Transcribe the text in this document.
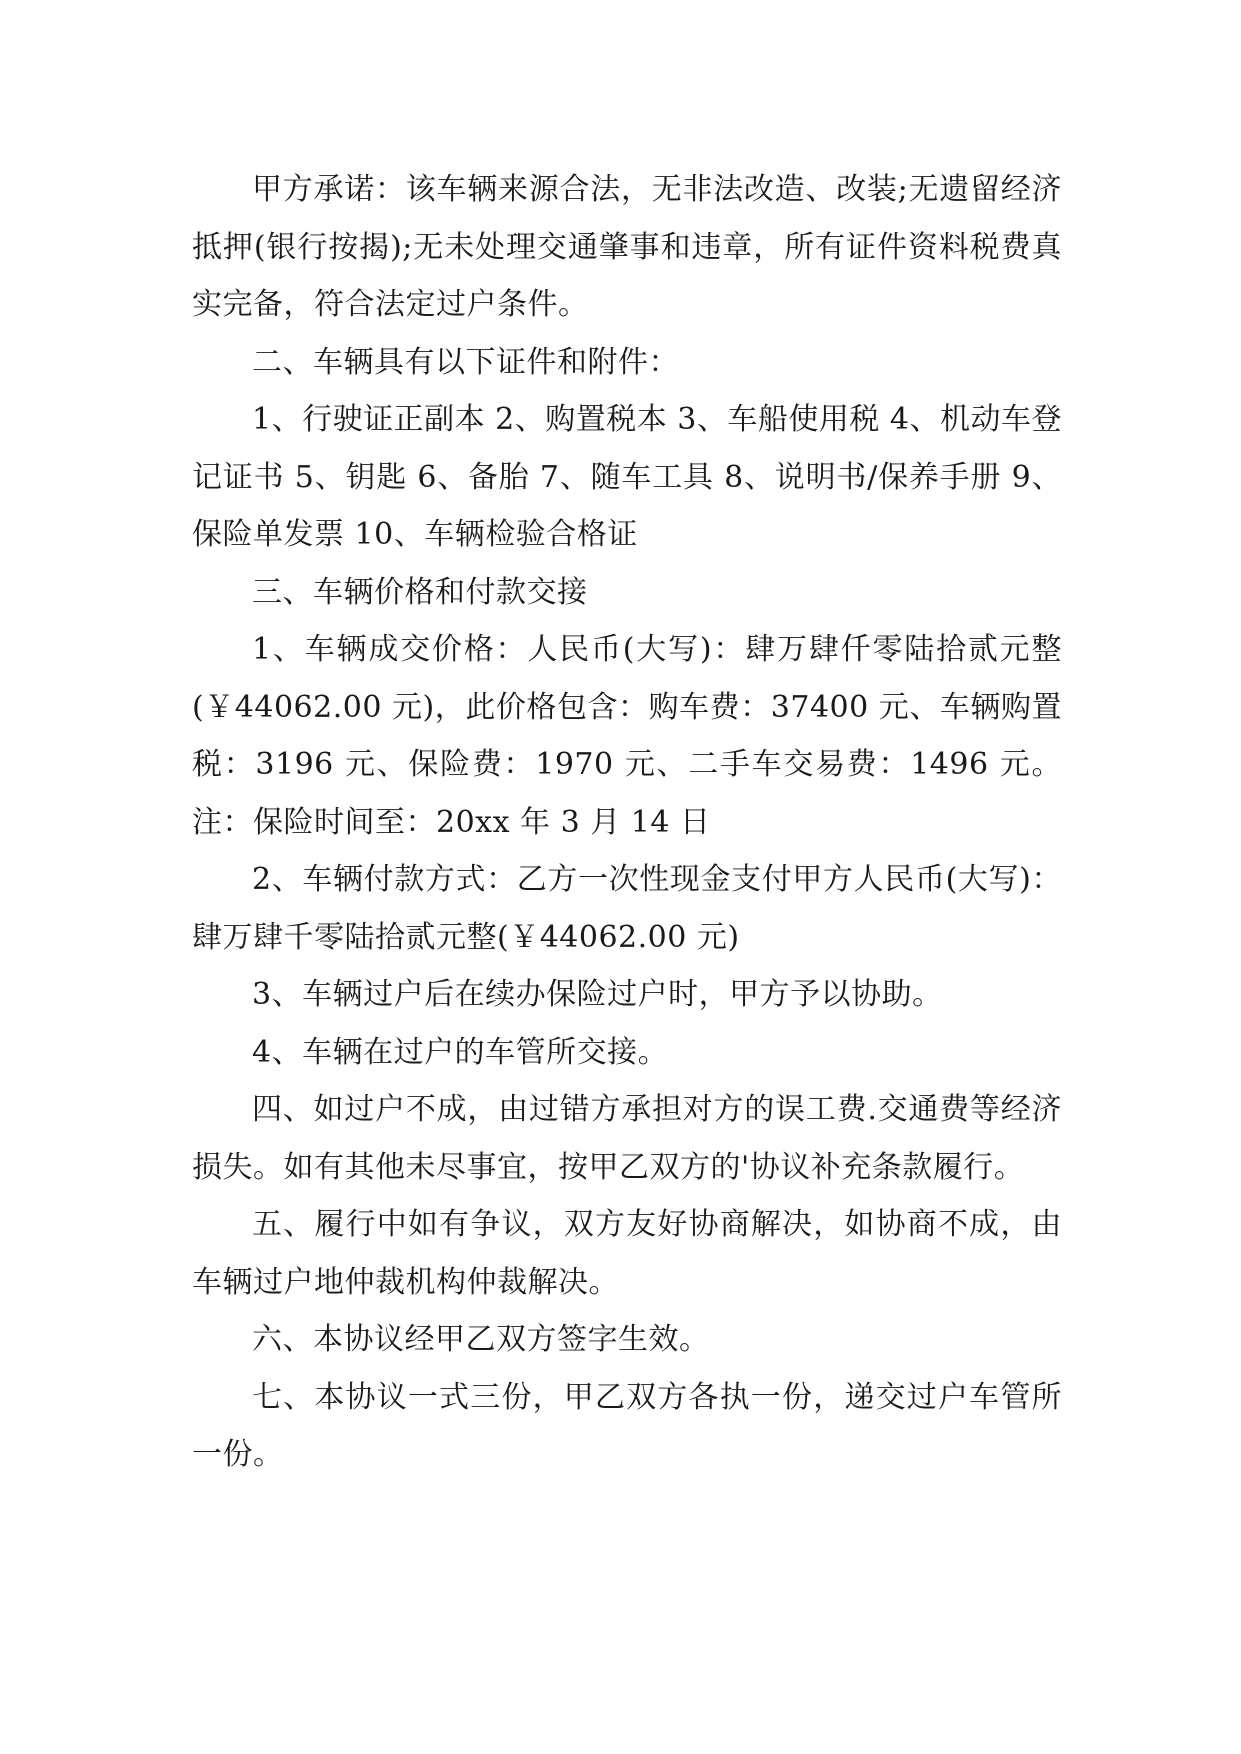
甲方承诺：该车辆来源合法，无非法改造、改装;无遗留经济抵押(银行按揭);无未处理交通肇事和违章，所有证件资料税费真实完备，符合法定过户条件。

二、车辆具有以下证件和附件：

1、行驶证正副本 2、购置税本 3、车船使用税 4、机动车登记证书 5、钥匙 6、备胎 7、随车工具 8、说明书/保养手册 9、保险单发票 10、车辆检验合格证

三、车辆价格和付款交接

1、车辆成交价格：人民币(大写)：肆万肆仟零陆拾贰元整(￥44062.00 元)，此价格包含：购车费：37400 元、车辆购置税：3196 元、保险费：1970 元、二手车交易费：1496 元。注：保险时间至：20xx 年 3 月 14 日

2、车辆付款方式：乙方一次性现金支付甲方人民币(大写)：肆万肆千零陆拾贰元整(￥44062.00 元)

3、车辆过户后在续办保险过户时，甲方予以协助。

4、车辆在过户的车管所交接。

四、如过户不成，由过错方承担对方的误工费.交通费等经济损失。如有其他未尽事宜，按甲乙双方的'协议补充条款履行。

五、履行中如有争议，双方友好协商解决，如协商不成，由车辆过户地仲裁机构仲裁解决。

六、本协议经甲乙双方签字生效。

七、本协议一式三份，甲乙双方各执一份，递交过户车管所一份。
